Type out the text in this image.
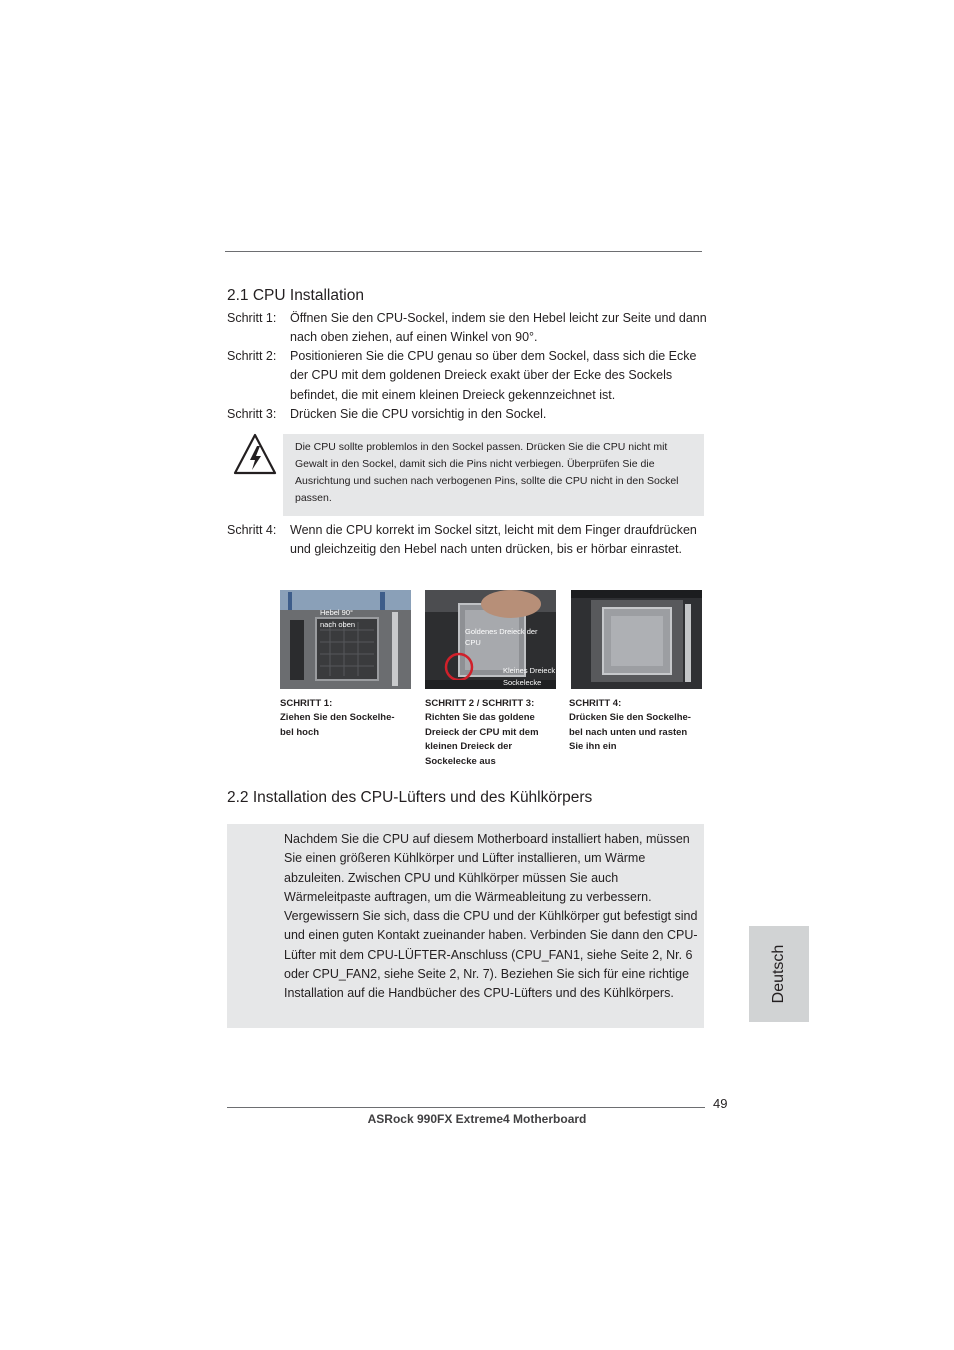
2.1 CPU Installation
Schritt 1: Öffnen Sie den CPU-Sockel, indem sie den Hebel leicht zur Seite und dann nach oben ziehen, auf einen Winkel von 90°.
Schritt 2: Positionieren Sie die CPU genau so über dem Sockel, dass sich die Ecke der CPU mit dem goldenen Dreieck exakt über der Ecke des Sockels befindet, die mit einem kleinen Dreieck gekennzeichnet ist.
Schritt 3: Drücken Sie die CPU vorsichtig in den Sockel.
Die CPU sollte problemlos in den Sockel passen. Drücken Sie die CPU nicht mit Gewalt in den Sockel, damit sich die Pins nicht verbiegen. Überprüfen Sie die Ausrichtung und suchen nach verbogenen Pins, sollte die CPU nicht in den Sockel passen.
Schritt 4: Wenn die CPU korrekt im Sockel sitzt, leicht mit dem Finger draufdrücken und gleichzeitig den Hebel nach unten drücken, bis er hörbar einrastet.
Hebel 90°
nach oben
Goldenes Dreieck der
CPU
Kleines Dreieck
Sockelecke
SCHRITT 1:
Ziehen Sie den Sockelhe- bel hoch
SCHRITT 2 / SCHRITT 3:
Richten Sie das goldene Dreieck der CPU mit dem kleinen Dreieck der Sockelecke aus
SCHRITT 4:
Drücken Sie den Sockelhe- bel nach unten und rasten Sie ihn ein
2.2 Installation des CPU-Lüfters und des Kühlkörpers
Nachdem Sie die CPU auf diesem Motherboard installiert haben, müssen Sie einen größeren Kühlkörper und Lüfter installieren, um Wärme abzuleiten. Zwischen CPU und Kühlkörper müssen Sie auch Wärmeleitpaste auftragen, um die Wärmeableitung zu verbessern. Vergewissern Sie sich, dass die CPU und der Kühlkörper gut befestigt sind und einen guten Kontakt zueinander haben. Verbinden Sie dann den CPU-Lüfter mit dem CPU-LÜFTER-Anschluss (CPU_FAN1, siehe Seite 2, Nr. 6 oder CPU_FAN2, siehe Seite 2, Nr. 7). Beziehen Sie sich für eine richtige Installation auf die Handbücher des CPU-Lüfters und des Kühlkörpers.	Deutsch
49
ASRock 990FX Extreme4 Motherboard
